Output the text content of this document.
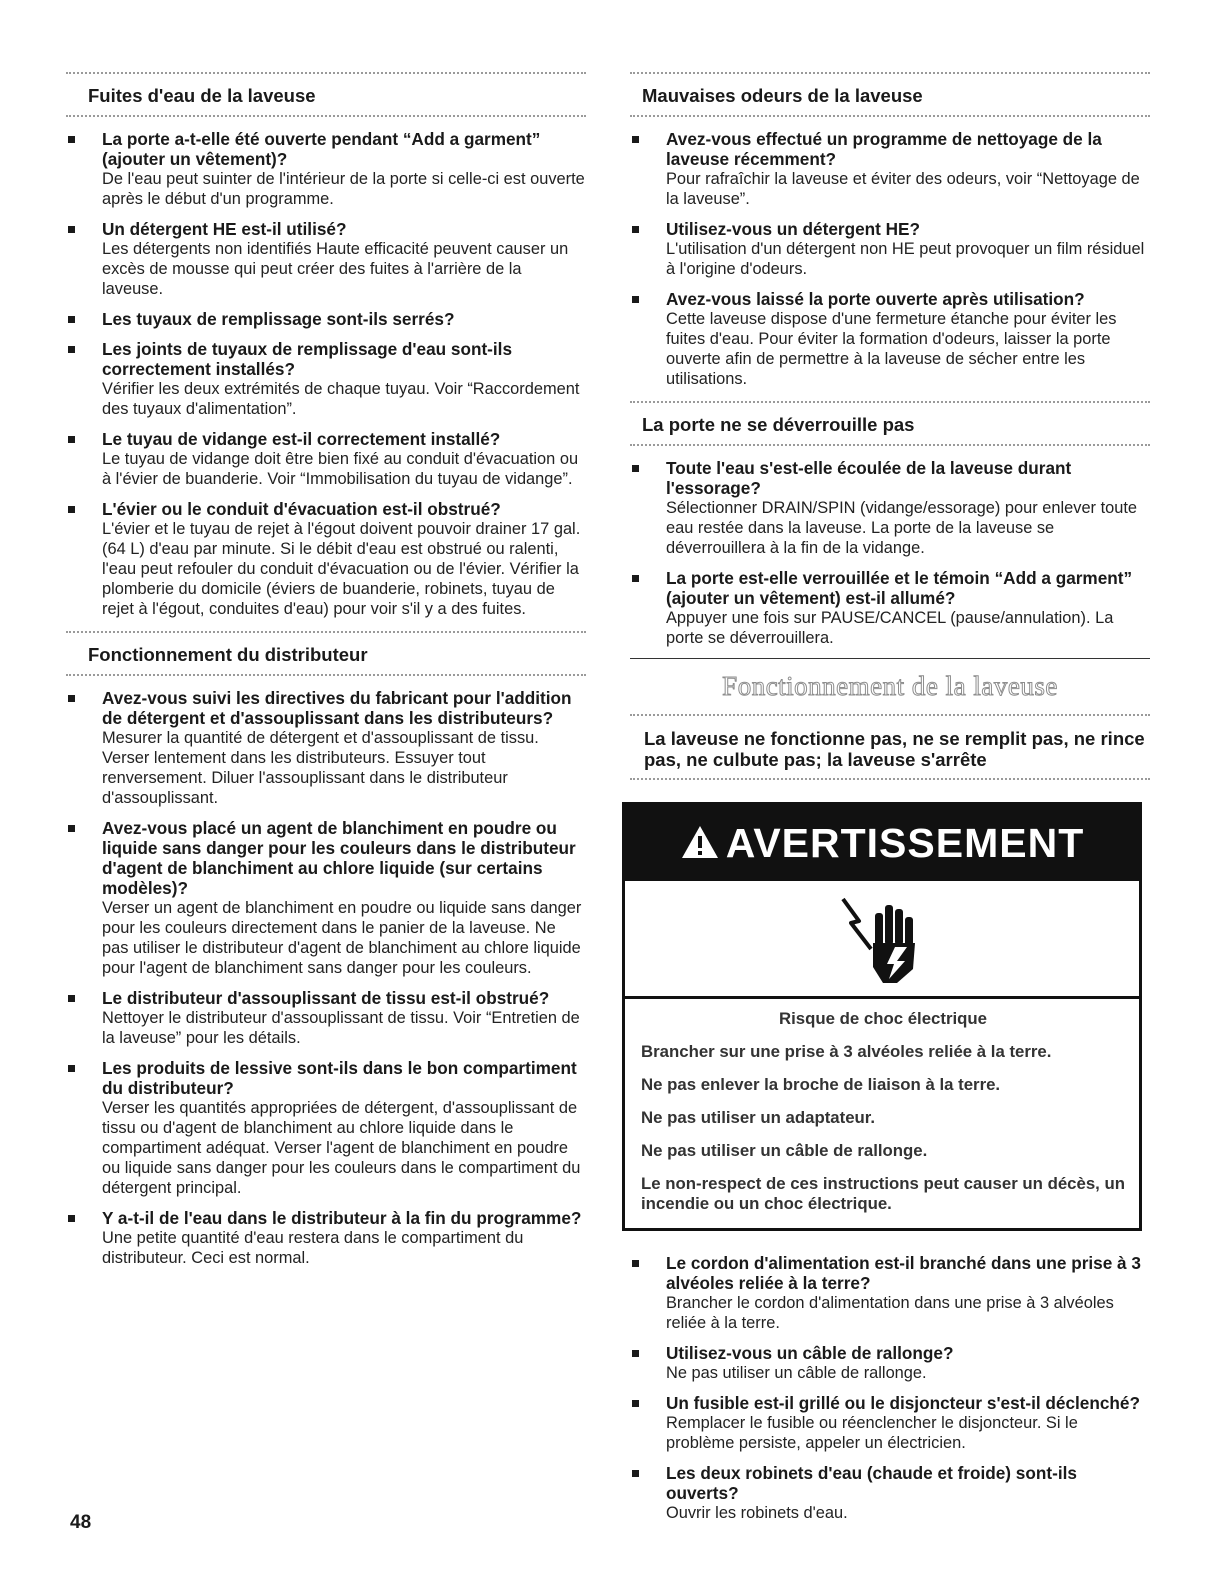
Fuites d'eau de la laveuse
La porte a-t-elle été ouverte pendant “Add a garment” (ajouter un vêtement)?
De l'eau peut suinter de l'intérieur de la porte si celle-ci est ouverte après le début d'un programme.
Un détergent HE est-il utilisé?
Les détergents non identifiés Haute efficacité peuvent causer un excès de mousse qui peut créer des fuites à l'arrière de la laveuse.
Les tuyaux de remplissage sont-ils serrés?
Les joints de tuyaux de remplissage d'eau sont-ils correctement installés?
Vérifier les deux extrémités de chaque tuyau. Voir “Raccordement des tuyaux d'alimentation”.
Le tuyau de vidange est-il correctement installé?
Le tuyau de vidange doit être bien fixé au conduit d'évacuation ou à l'évier de buanderie. Voir “Immobilisation du tuyau de vidange”.
L'évier ou le conduit d'évacuation est-il obstrué?
L'évier et le tuyau de rejet à l'égout doivent pouvoir drainer 17 gal. (64 L) d'eau par minute. Si le débit d'eau est obstrué ou ralenti, l'eau peut refouler du conduit d'évacuation ou de l'évier. Vérifier la plomberie du domicile (éviers de buanderie, robinets, tuyau de rejet à l'égout, conduites d'eau) pour voir s'il y a des fuites.
Fonctionnement du distributeur
Avez-vous suivi les directives du fabricant pour l'addition de détergent et d'assouplissant dans les distributeurs?
Mesurer la quantité de détergent et d'assouplissant de tissu. Verser lentement dans les distributeurs. Essuyer tout renversement. Diluer l'assouplissant dans le distributeur d'assouplissant.
Avez-vous placé un agent de blanchiment en poudre ou liquide sans danger pour les couleurs dans le distributeur d'agent de blanchiment au chlore liquide (sur certains modèles)?
Verser un agent de blanchiment en poudre ou liquide sans danger pour les couleurs directement dans le panier de la laveuse. Ne pas utiliser le distributeur d'agent de blanchiment au chlore liquide pour l'agent de blanchiment sans danger pour les couleurs.
Le distributeur d'assouplissant de tissu est-il obstrué?
Nettoyer le distributeur d'assouplissant de tissu. Voir “Entretien de la laveuse” pour les détails.
Les produits de lessive sont-ils dans le bon compartiment du distributeur?
Verser les quantités appropriées de détergent, d'assouplissant de tissu ou d'agent de blanchiment au chlore liquide dans le compartiment adéquat. Verser l'agent de blanchiment en poudre ou liquide sans danger pour les couleurs dans le compartiment du détergent principal.
Y a-t-il de l'eau dans le distributeur à la fin du programme?
Une petite quantité d'eau restera dans le compartiment du distributeur. Ceci est normal.
Mauvaises odeurs de la laveuse
Avez-vous effectué un programme de nettoyage de la laveuse récemment?
Pour rafraîchir la laveuse et éviter des odeurs, voir “Nettoyage de la laveuse”.
Utilisez-vous un détergent HE?
L'utilisation d'un détergent non HE peut provoquer un film résiduel à l'origine d'odeurs.
Avez-vous laissé la porte ouverte après utilisation?
Cette laveuse dispose d'une fermeture étanche pour éviter les fuites d'eau. Pour éviter la formation d'odeurs, laisser la porte ouverte afin de permettre à la laveuse de sécher entre les utilisations.
La porte ne se déverrouille pas
Toute l'eau s'est-elle écoulée de la laveuse durant l'essorage?
Sélectionner DRAIN/SPIN (vidange/essorage) pour enlever toute eau restée dans la laveuse. La porte de la laveuse se déverrouillera à la fin de la vidange.
La porte est-elle verrouillée et le témoin “Add a garment” (ajouter un vêtement) est-il allumé?
Appuyer une fois sur PAUSE/CANCEL (pause/annulation). La porte se déverrouillera.
Fonctionnement de la laveuse
La laveuse ne fonctionne pas, ne se remplit pas, ne rince pas, ne culbute pas; la laveuse s'arrête
AVERTISSEMENT

Risque de choc électrique

Brancher sur une prise à 3 alvéoles reliée à la terre.

Ne pas enlever la broche de liaison à la terre.

Ne pas utiliser un adaptateur.

Ne pas utiliser un câble de rallonge.

Le non-respect de ces instructions peut causer un décès, un incendie ou un choc électrique.

Le cordon d'alimentation est-il branché dans une prise à 3 alvéoles reliée à la terre?
Brancher le cordon d'alimentation dans une prise à 3 alvéoles reliée à la terre.
Utilisez-vous un câble de rallonge?
Ne pas utiliser un câble de rallonge.
Un fusible est-il grillé ou le disjoncteur s'est-il déclenché?
Remplacer le fusible ou réenclencher le disjoncteur. Si le problème persiste, appeler un électricien.
Les deux robinets d'eau (chaude et froide) sont-ils ouverts?
Ouvrir les robinets d'eau.
48
